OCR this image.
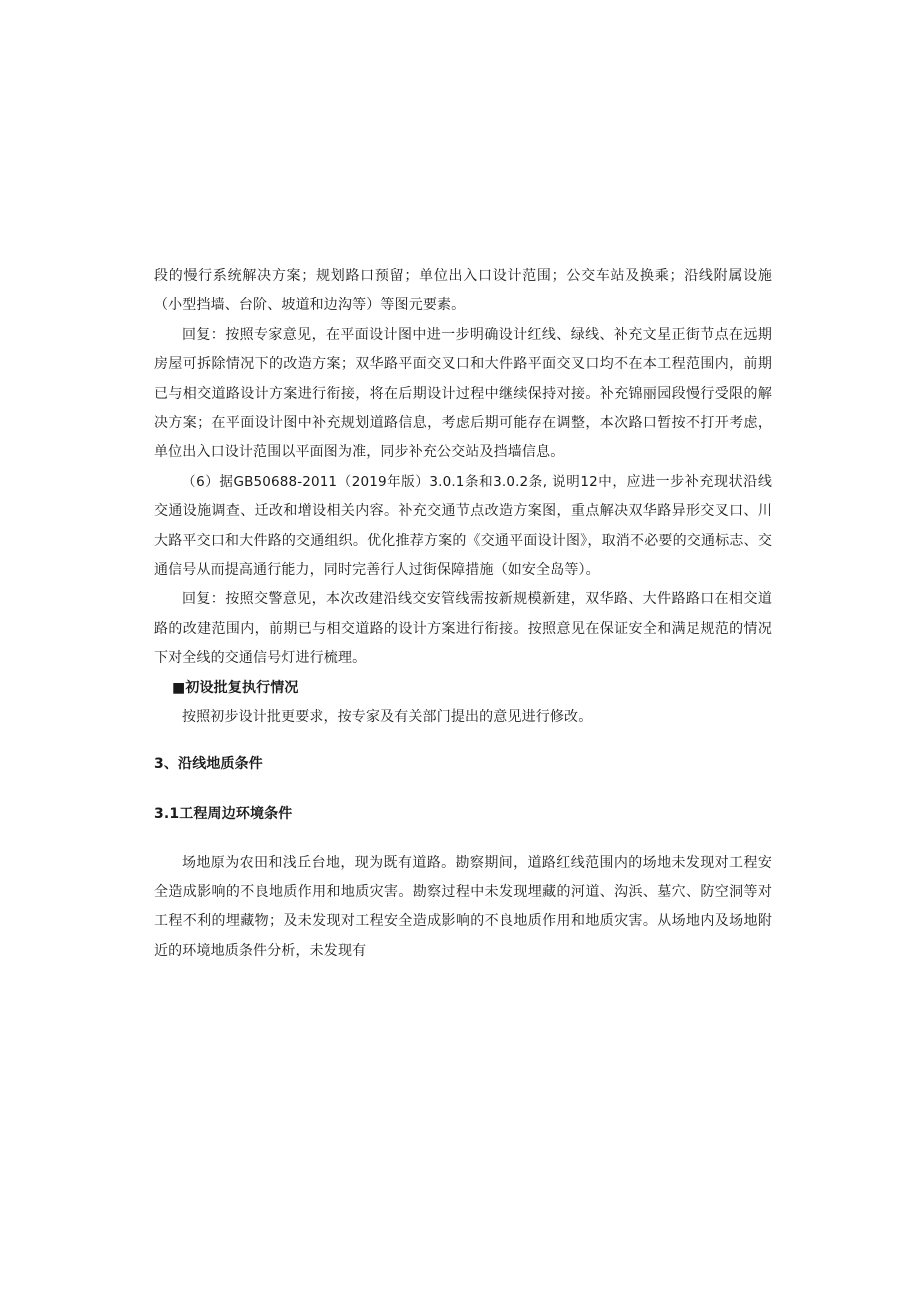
段的慢行系统解决方案；规划路口预留；单位出入口设计范围；公交车站及换乘；沿线附属设施（小型挡墙、台阶、坡道和边沟等）等图元要素。

回复：按照专家意见，在平面设计图中进一步明确设计红线、绿线、补充文星正街节点在远期房屋可拆除情况下的改造方案；双华路平面交叉口和大件路平面交叉口均不在本工程范围内，前期已与相交道路设计方案进行衔接，将在后期设计过程中继续保持对接。补充锦丽园段慢行受限的解决方案；在平面设计图中补充规划道路信息，考虑后期可能存在调整，本次路口暂按不打开考虑，单位出入口设计范围以平面图为准，同步补充公交站及挡墙信息。

（6）据GB50688-2011（2019年版）3.0.1条和3.0.2条, 说明12中，应进一步补充现状沿线交通设施调查、迁改和增设相关内容。补充交通节点改造方案图，重点解决双华路异形交叉口、川大路平交口和大件路的交通组织。优化推荐方案的《交通平面设计图》，取消不必要的交通标志、交通信号从而提高通行能力，同时完善行人过街保障措施（如安全岛等）。

回复：按照交警意见，本次改建沿线交安管线需按新规模新建，双华路、大件路路口在相交道路的改建范围内，前期已与相交道路的设计方案进行衔接。按照意见在保证安全和满足规范的情况下对全线的交通信号灯进行梳理。

■初设批复执行情况

按照初步设计批更要求，按专家及有关部门提出的意见进行修改。

3、沿线地质条件

3.1工程周边环境条件

场地原为农田和浅丘台地，现为既有道路。勘察期间，道路红线范围内的场地未发现对工程安全造成影响的不良地质作用和地质灾害。勘察过程中未发现埋藏的河道、沟浜、墓穴、防空洞等对工程不利的埋藏物；及未发现对工程安全造成影响的不良地质作用和地质灾害。从场地内及场地附近的环境地质条件分析，未发现有
